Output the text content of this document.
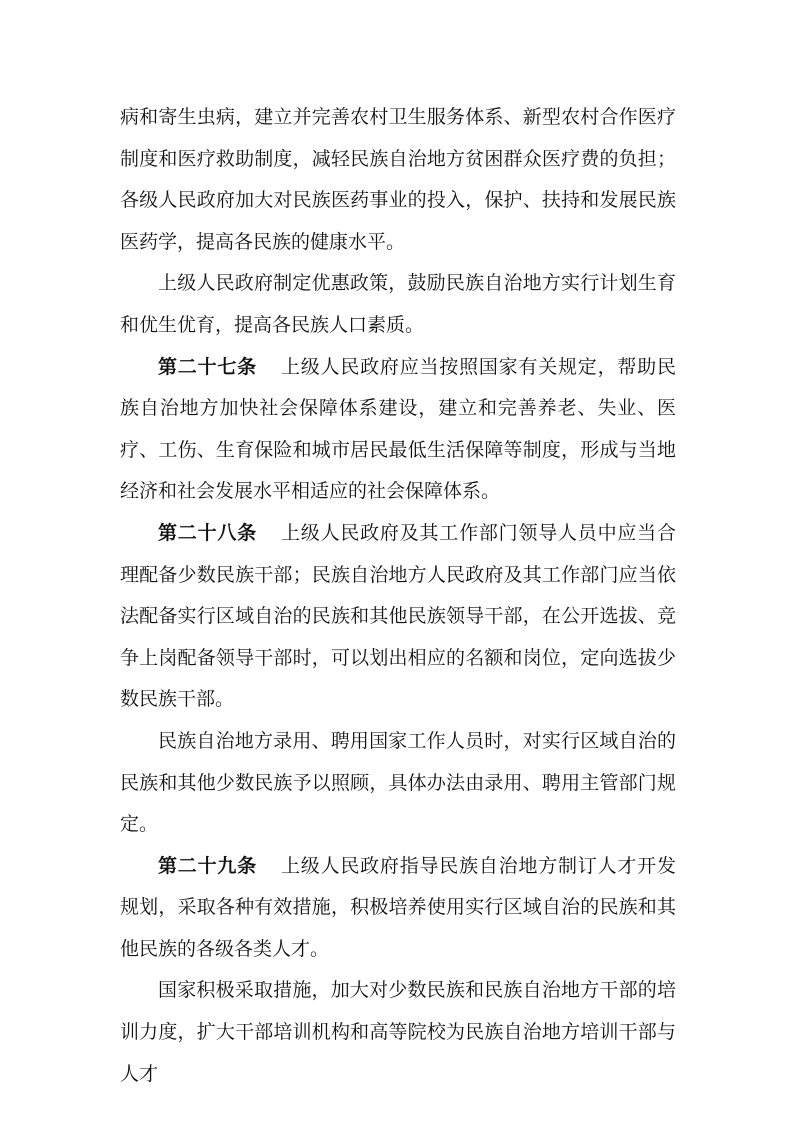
病和寄生虫病，建立并完善农村卫生服务体系、新型农村合作医疗制度和医疗救助制度，减轻民族自治地方贫困群众医疗费的负担；各级人民政府加大对民族医药事业的投入，保护、扶持和发展民族医药学，提高各民族的健康水平。

上级人民政府制定优惠政策，鼓励民族自治地方实行计划生育和优生优育，提高各民族人口素质。

第二十七条 上级人民政府应当按照国家有关规定，帮助民族自治地方加快社会保障体系建设，建立和完善养老、失业、医疗、工伤、生育保险和城市居民最低生活保障等制度，形成与当地经济和社会发展水平相适应的社会保障体系。

第二十八条 上级人民政府及其工作部门领导人员中应当合理配备少数民族干部；民族自治地方人民政府及其工作部门应当依法配备实行区域自治的民族和其他民族领导干部，在公开选拔、竞争上岗配备领导干部时，可以划出相应的名额和岗位，定向选拔少数民族干部。

民族自治地方录用、聘用国家工作人员时，对实行区域自治的民族和其他少数民族予以照顾，具体办法由录用、聘用主管部门规定。

第二十九条 上级人民政府指导民族自治地方制订人才开发规划，采取各种有效措施，积极培养使用实行区域自治的民族和其他民族的各级各类人才。

国家积极采取措施，加大对少数民族和民族自治地方干部的培训力度，扩大干部培训机构和高等院校为民族自治地方培训干部与人才
